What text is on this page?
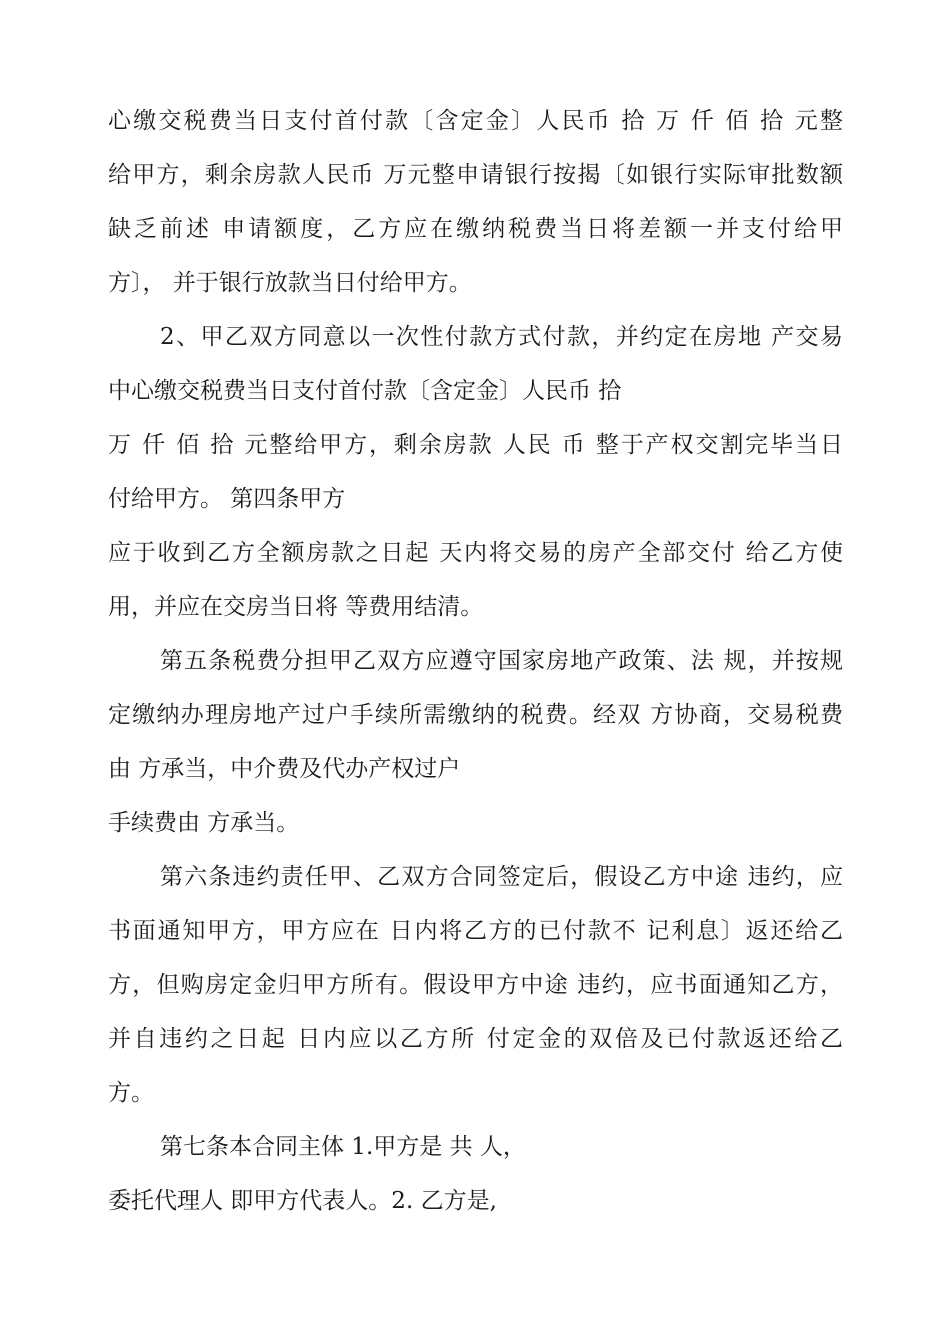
心缴交税费当日支付首付款〔含定金〕人民币 拾 万 仟 佰 拾 元整
给甲方，剩余房款人民币 万元整申请银行按揭〔如银行实际审批数额
缺乏前述 申请额度，乙方应在缴纳税费当日将差额一并支付给甲
方〕， 并于银行放款当日付给甲方。
2、甲乙双方同意以一次性付款方式付款，并约定在房地 产交易
中心缴交税费当日支付首付款〔含定金〕人民币 拾
万 仟 佰 拾 元整给甲方，剩余房款 人民 币 整于产权交割完毕当日
付给甲方。 第四条甲方
应于收到乙方全额房款之日起 天内将交易的房产全部交付 给乙方使
用，并应在交房当日将 等费用结清。
第五条税费分担甲乙双方应遵守国家房地产政策、法 规，并按规
定缴纳办理房地产过户手续所需缴纳的税费。经双 方协商，交易税费
由 方承当，中介费及代办产权过户
手续费由 方承当。
第六条违约责任甲、乙双方合同签定后，假设乙方中途 违约，应
书面通知甲方，甲方应在 日内将乙方的已付款不 记利息〕返还给乙
方，但购房定金归甲方所有。假设甲方中途 违约，应书面通知乙方，
并自违约之日起 日内应以乙方所 付定金的双倍及已付款返还给乙
方。
第七条本合同主体 1.甲方是 共 人，
委托代理人 即甲方代表人。2. 乙方是,
